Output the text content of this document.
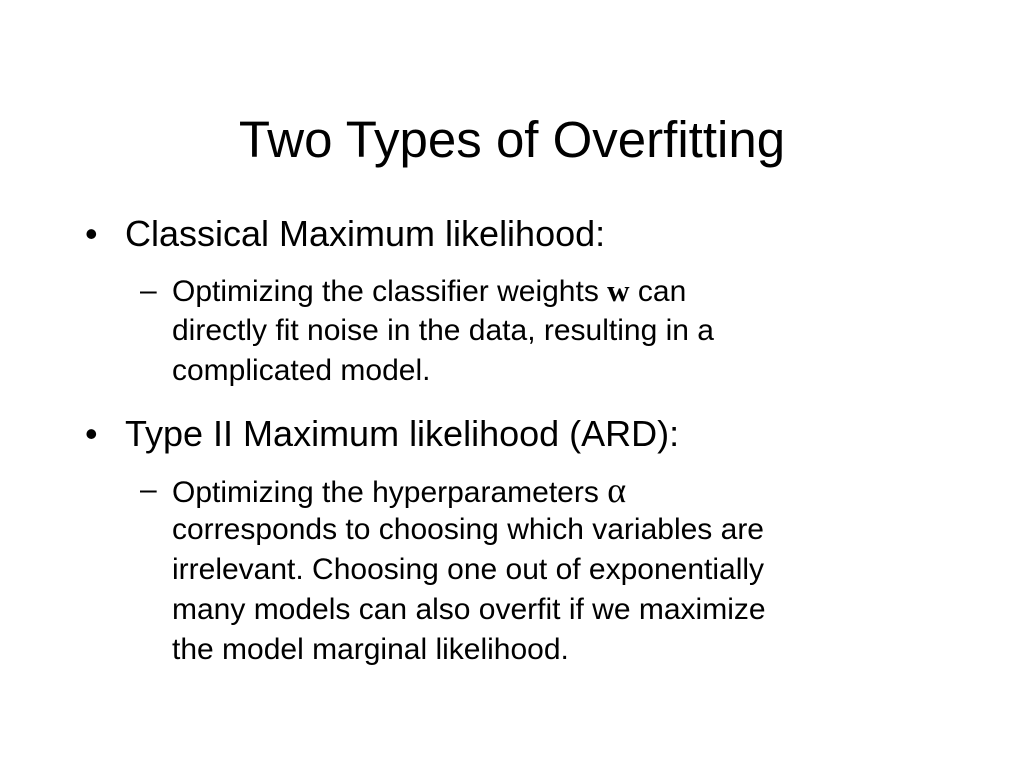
Two Types of Overfitting
• Classical Maximum likelihood:
– Optimizing the classifier weights w can
directly fit noise in the data, resulting in a
complicated model.
• Type II Maximum likelihood (ARD):
– Optimizing the hyperparameters α
corresponds to choosing which variables are
irrelevant. Choosing one out of exponentially
many models can also overfit if we maximize
the model marginal likelihood.
